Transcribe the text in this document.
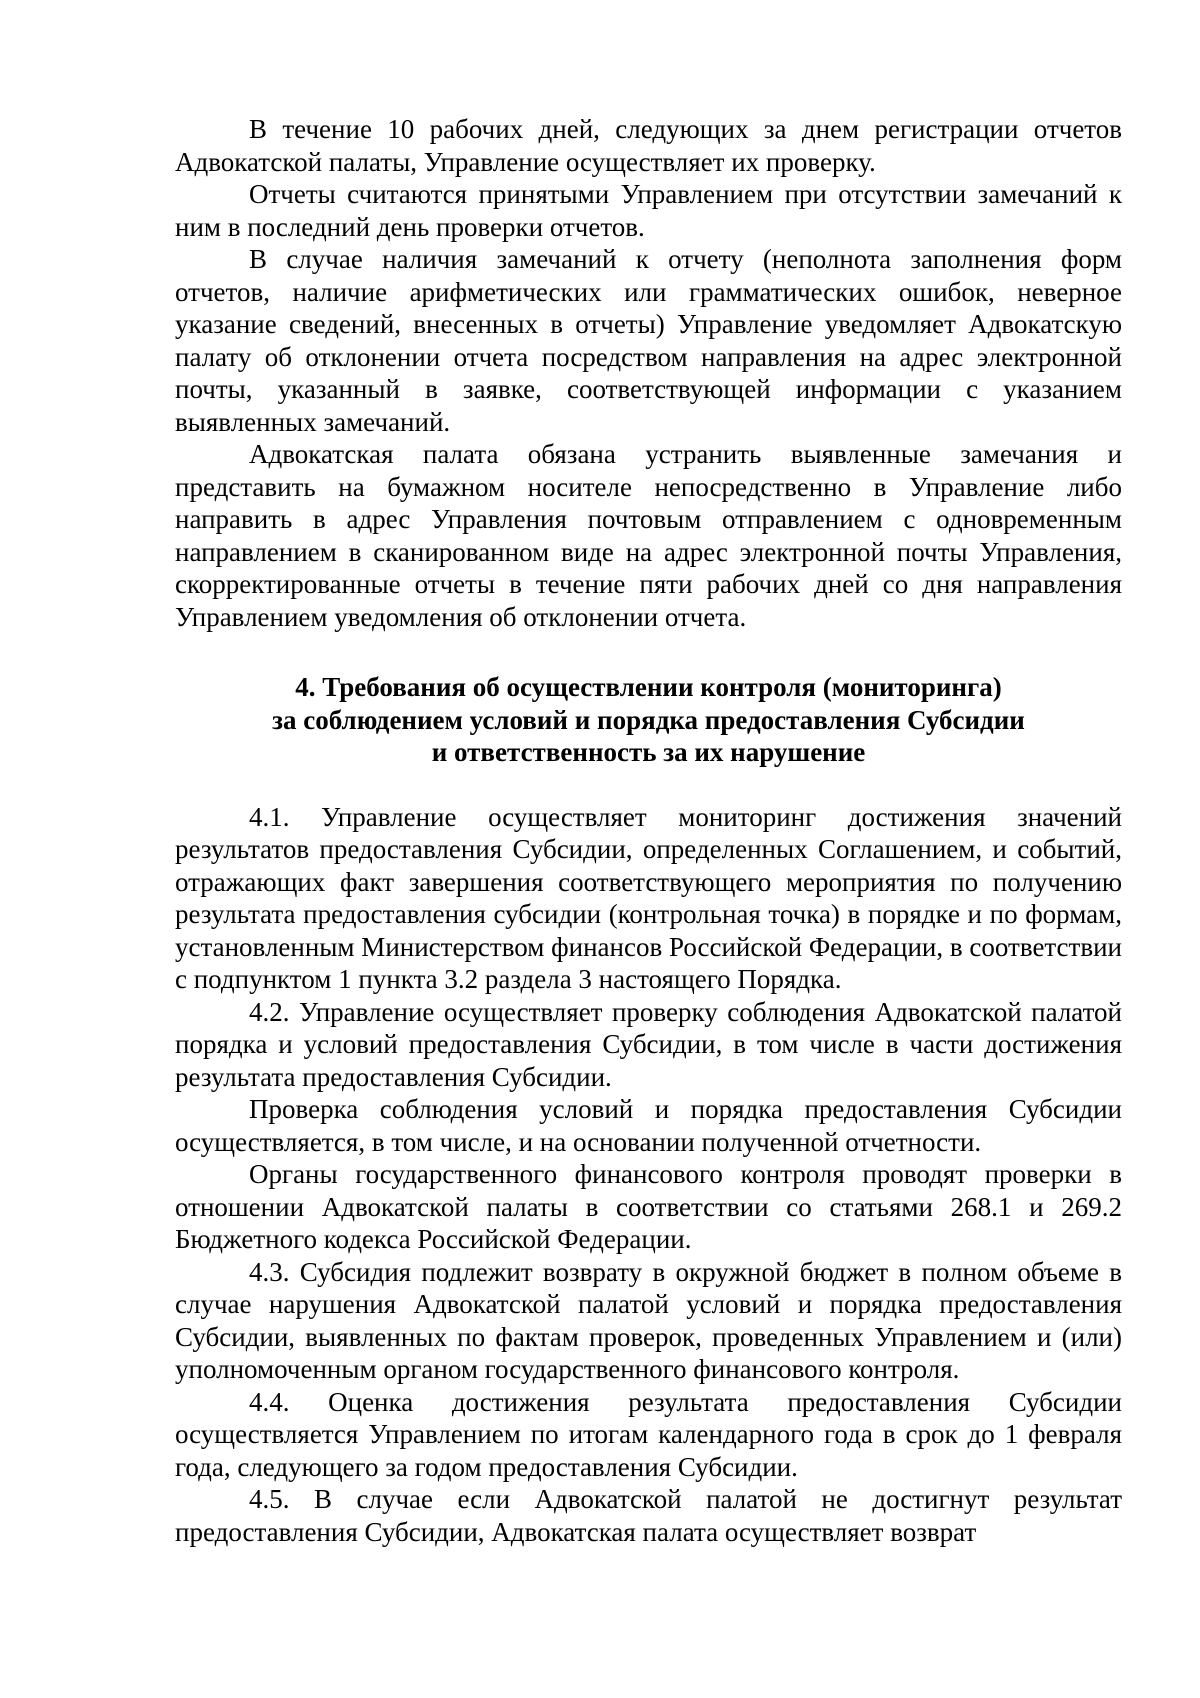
В течение 10 рабочих дней, следующих за днем регистрации отчетов Адвокатской палаты, Управление осуществляет их проверку.

Отчеты считаются принятыми Управлением при отсутствии замечаний к ним в последний день проверки отчетов.

В случае наличия замечаний к отчету (неполнота заполнения форм отчетов, наличие арифметических или грамматических ошибок, неверное указание сведений, внесенных в отчеты) Управление уведомляет Адвокатскую палату об отклонении отчета посредством направления на адрес электронной почты, указанный в заявке, соответствующей информации с указанием выявленных замечаний.

Адвокатская палата обязана устранить выявленные замечания и представить на бумажном носителе непосредственно в Управление либо направить в адрес Управления почтовым отправлением с одновременным направлением в сканированном виде на адрес электронной почты Управления, скорректированные отчеты в течение пяти рабочих дней со дня направления Управлением уведомления об отклонении отчета.

4. Требования об осуществлении контроля (мониторинга)
за соблюдением условий и порядка предоставления Субсидии
и ответственность за их нарушение

4.1. Управление осуществляет мониторинг достижения значений результатов предоставления Субсидии, определенных Соглашением, и событий, отражающих факт завершения соответствующего мероприятия по получению результата предоставления субсидии (контрольная точка) в порядке и по формам, установленным Министерством финансов Российской Федерации, в соответствии с подпунктом 1 пункта 3.2 раздела 3 настоящего Порядка.

4.2. Управление осуществляет проверку соблюдения Адвокатской палатой порядка и условий предоставления Субсидии, в том числе в части достижения результата предоставления Субсидии.

Проверка соблюдения условий и порядка предоставления Субсидии осуществляется, в том числе, и на основании полученной отчетности.

Органы государственного финансового контроля проводят проверки в отношении Адвокатской палаты в соответствии со статьями 268.1 и 269.2 Бюджетного кодекса Российской Федерации.

4.3. Субсидия подлежит возврату в окружной бюджет в полном объеме в случае нарушения Адвокатской палатой условий и порядка предоставления Субсидии, выявленных по фактам проверок, проведенных Управлением и (или) уполномоченным органом государственного финансового контроля.

4.4. Оценка достижения результата предоставления Субсидии осуществляется Управлением по итогам календарного года в срок до 1 февраля года, следующего за годом предоставления Субсидии.

4.5. В случае если Адвокатской палатой не достигнут результат предоставления Субсидии, Адвокатская палата осуществляет возврат
